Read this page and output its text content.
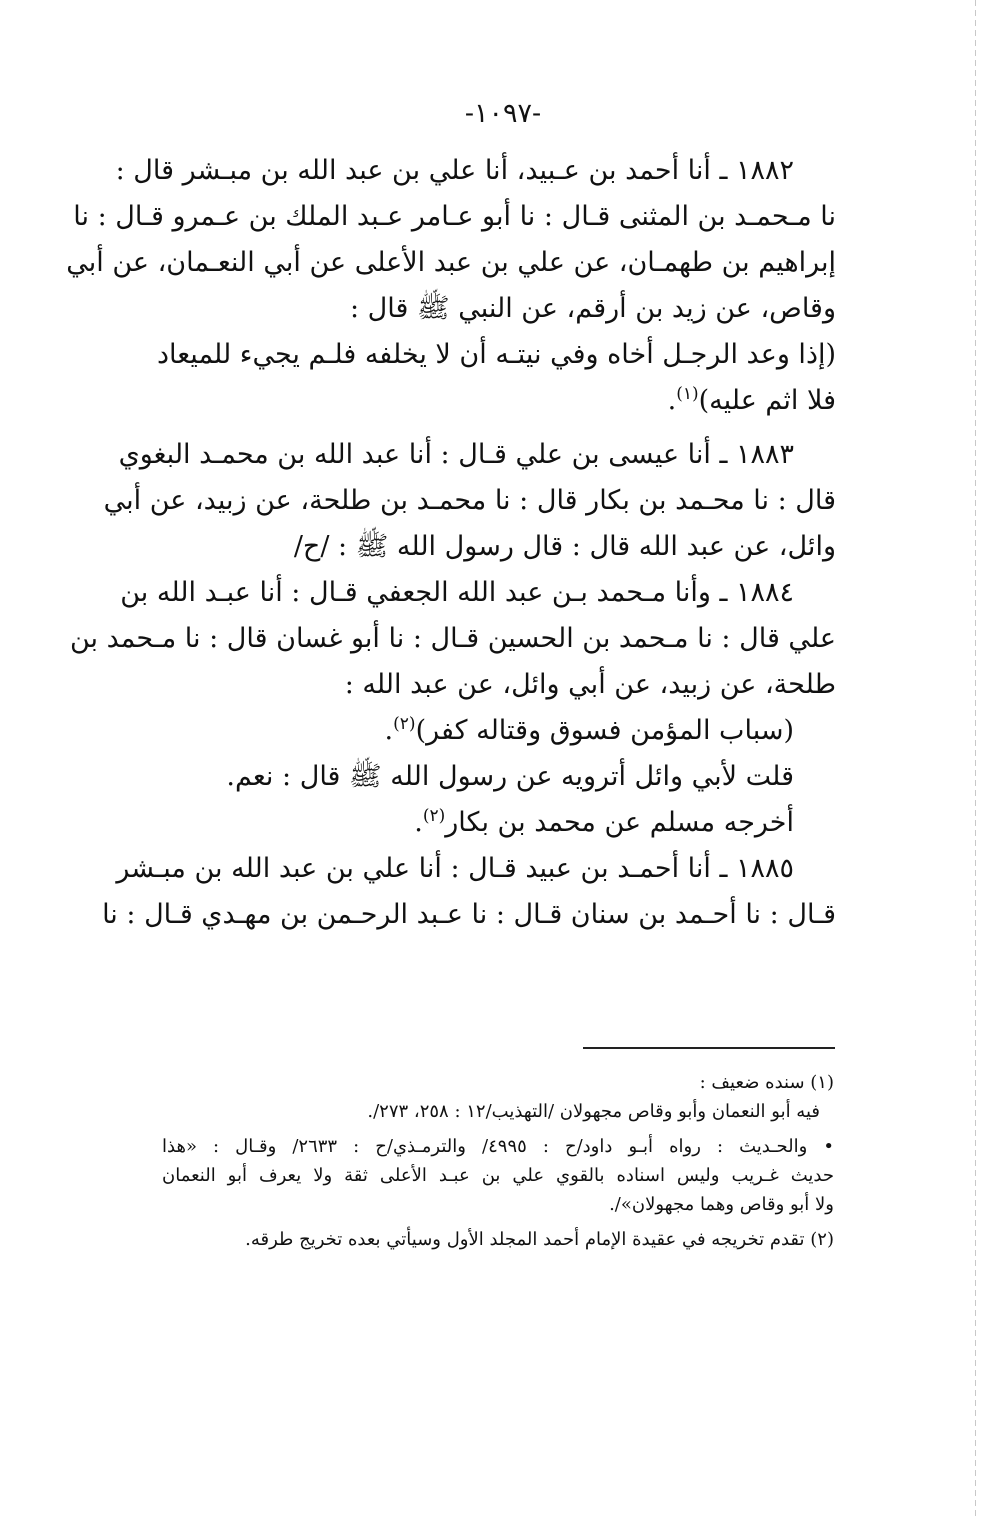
-١٠٩٧-
١٨٨٢ ـ أنا أحمد بن عـبيد، أنا علي بن عبد الله بن مبـشر قال :
نا مـحمـد بن المثنى قـال : نا أبو عـامر عـبد الملك بن عـمرو قـال : نا
إبراهيم بن طهمـان، عن علي بن عبد الأعلى عن أبي النعـمان، عن أبي
وقاص، عن زيد بن أرقم، عن النبي ﷺ قال :
(إذا وعد الرجـل أخاه وفي نيتـه أن لا يخلفه فلـم يجيء للميعاد
فلا اثم عليه)$^{(١)}$.
١٨٨٣ ـ أنا عيسى بن علي قـال : أنا عبد الله بن محمـد البغوي
قال : نا محـمد بن بكار قال : نا محمـد بن طلحة، عن زبيد، عن أبي
وائل، عن عبد الله قال : قال رسول الله ﷺ : /ح/
١٨٨٤ ـ وأنا مـحمد بـن عبد الله الجعفي قـال : أنا عبـد الله بن
علي قال : نا مـحمد بن الحسين قـال : نا أبو غسان قال : نا مـحمد بن
طلحة، عن زبيد، عن أبي وائل، عن عبد الله :
(سباب المؤمن فسوق وقتاله كفر)$^{(٢)}$.
قلت لأبي وائل أترويه عن رسول الله ﷺ قال : نعم.
أخرجه مسلم عن محمد بن بكار$^{(٢)}$.
١٨٨٥ ـ أنا أحمـد بن عبيد قـال : أنا علي بن عبد الله بن مبـشر
قـال : نا أحـمد بن سنان قـال : نا عـبد الرحـمن بن مهـدي قـال : نا
(١) سنده ضعيف :
فيه أبو النعمان وأبو وقاص مجهولان /التهذيب/١٢ : ٢٥٨، ٢٧٣/.
• والحـديث : رواه أبـو داود/ح : ٤٩٩٥/ والترمـذي/ح : ٢٦٣٣/ وقـال : «هذا
حديث غـريب وليس اسناده بالقوي علي بن عبـد الأعلى ثقة ولا يعرف أبو النعمان
ولا أبو وقاص وهما مجهولان»/.
(٢) تقدم تخريجه في عقيدة الإمام أحمد المجلد الأول وسيأتي بعده تخريج طرقه.
